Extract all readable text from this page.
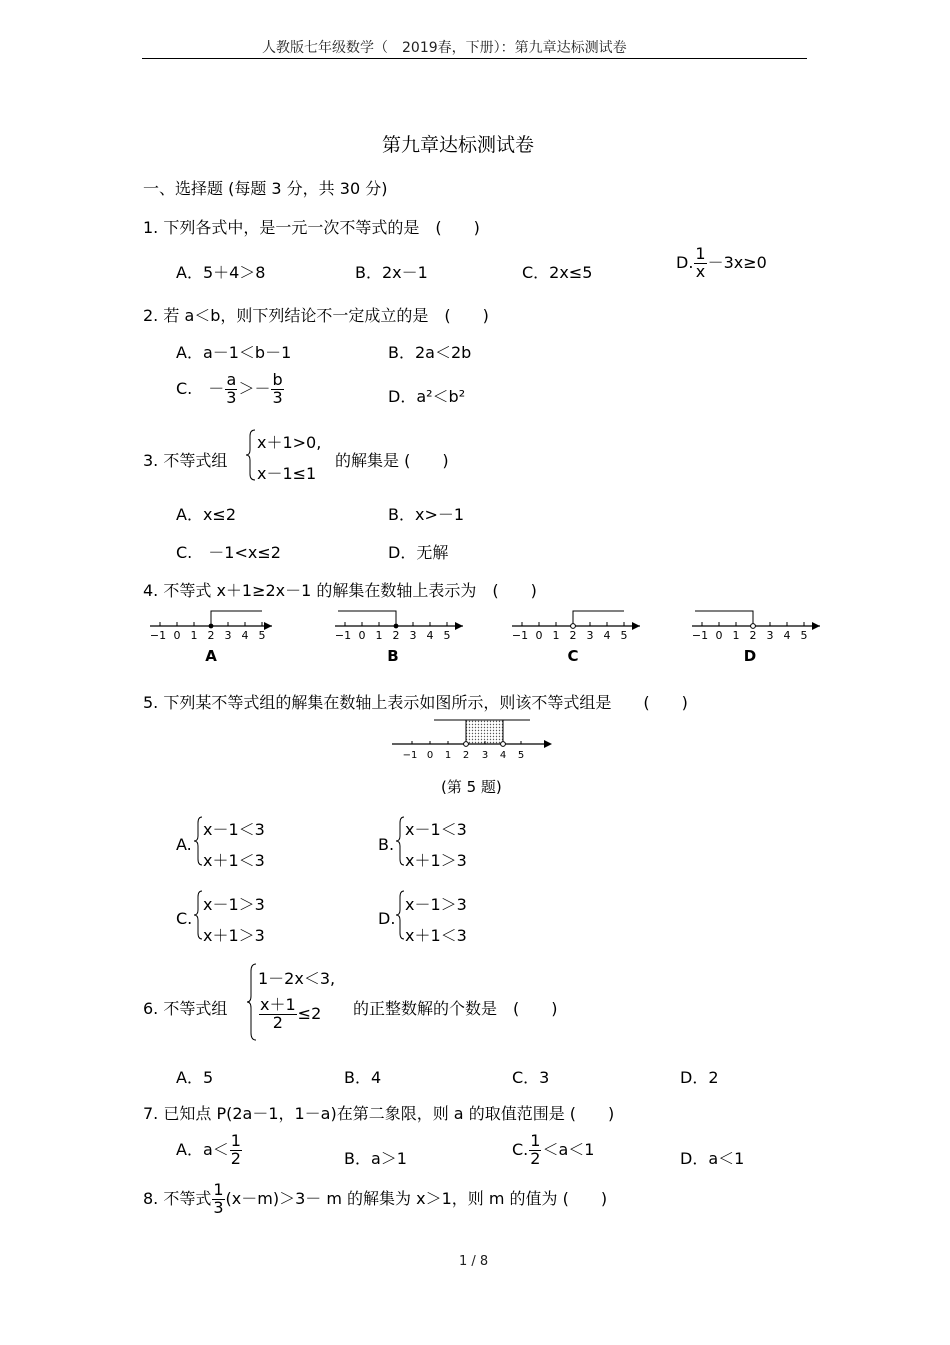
人教版七年级数学（　2019春，下册）：第九章达标测试卷
第九章达标测试卷
一、选择题 (每题 3 分，共 30 分)
1. 下列各式中，是一元一次不等式的是　(　　)
A．5＋4＞8	B．2x－1	C．2x≤5
D. $\frac{1}{x} -3x\ge 0$
2. 若 a＜b，则下列结论不一定成立的是　(　　)
A．a－1＜b－1	B．2a＜2b
C.　－ $\frac{a}{3} >- \frac{b}{3}$	D．a²＜b²
3. 不等式组
x＋1>0,
x－1≤1
的解集是 (　　)
A．x≤2	B．x>－1
C.　－1<x≤2	D．无解
4. 不等式 x＋1≥2x－1 的解集在数轴上表示为　(　　)
−1 0 1 2 3 4 5
A
−1 0 1 2 3 4 5
B
−1 0 1 2 3 4 5
C
−1 0 1 2 3 4 5
D
5. 下列某不等式组的解集在数轴上表示如图所示，则该不等式组是　　(　　)
−1 0 1 2 3 4 5
(第 5 题)
A.
x－1＜3
x＋1＜3
B.
x－1＜3
x＋1＞3
C.
x－1＞3
x＋1＞3
D.
x－1＞3
x＋1＜3
6. 不等式组
1－2x＜3,
$\frac{x+1}{2} \le 2$ 的正整数解的个数是　(　　)
A．5	B．4	C．3	D．2
7. 已知点 P(2a－1，1－a)在第二象限，则 a 的取值范围是 (　　)
A．$a< \frac{1}{2}$	B．a＞1	C. $\frac{1}{2} <a<1$	D．a＜1
8. 不等式 $\frac{1}{3} (x-m)>3- m$ 的解集为 x＞1，则 m 的值为 (　　)
1 / 8
